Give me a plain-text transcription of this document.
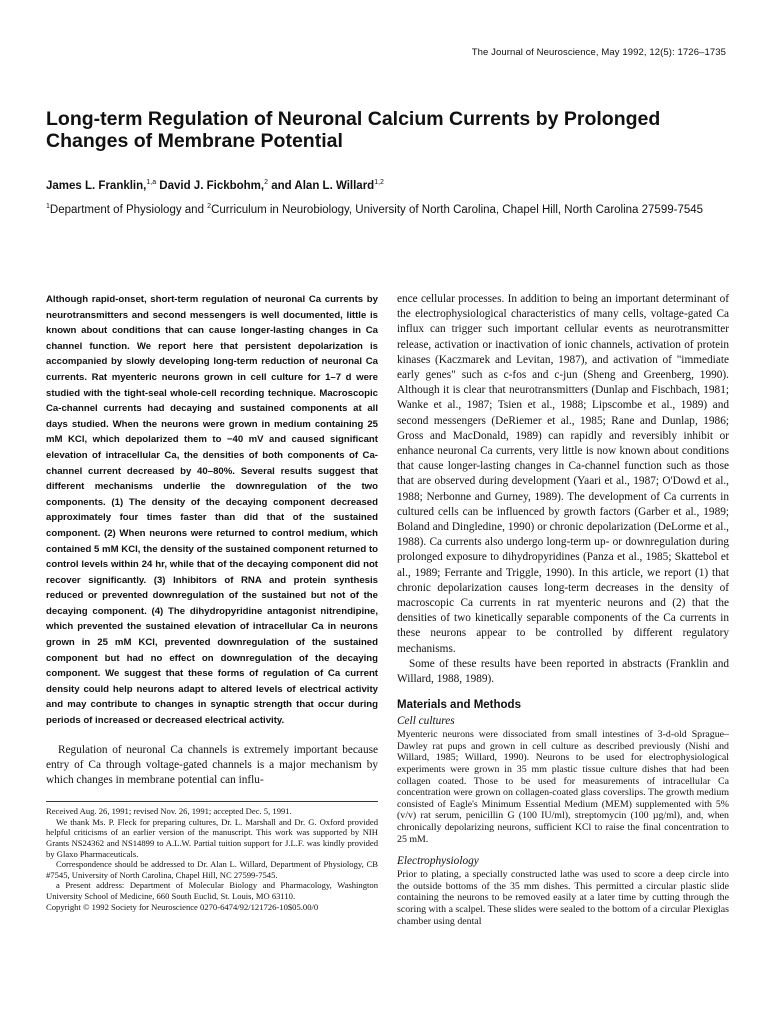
The Journal of Neuroscience, May 1992, 12(5): 1726–1735
Long-term Regulation of Neuronal Calcium Currents by Prolonged Changes of Membrane Potential
James L. Franklin,$^{1,a}$ David J. Fickbohm,$^2$ and Alan L. Willard$^{1,2}$
$^1$Department of Physiology and $^2$Curriculum in Neurobiology, University of North Carolina, Chapel Hill, North Carolina 27599-7545

Although rapid-onset, short-term regulation of neuronal Ca currents by neurotransmitters and second messengers is well documented, little is known about conditions that can cause longer-lasting changes in Ca channel function. We report here that persistent depolarization is accompanied by slowly developing long-term reduction of neuronal Ca currents. Rat myenteric neurons grown in cell culture for 1–7 d were studied with the tight-seal whole-cell recording technique. Macroscopic Ca-channel currents had decaying and sustained components at all days studied. When the neurons were grown in medium containing 25 mM KCl, which depolarized them to −40 mV and caused significant elevation of intracellular Ca, the densities of both components of Ca-channel current decreased by 40–80%. Several results suggest that different mechanisms underlie the downregulation of the two components. (1) The density of the decaying component decreased approximately four times faster than did that of the sustained component. (2) When neurons were returned to control medium, which contained 5 mM KCl, the density of the sustained component returned to control levels within 24 hr, while that of the decaying component did not recover significantly. (3) Inhibitors of RNA and protein synthesis reduced or prevented downregulation of the sustained but not of the decaying component. (4) The dihydropyridine antagonist nitrendipine, which prevented the sustained elevation of intracellular Ca in neurons grown in 25 mM KCl, prevented downregulation of the sustained component but had no effect on downregulation of the decaying component. We suggest that these forms of regulation of Ca current density could help neurons adapt to altered levels of electrical activity and may contribute to changes in synaptic strength that occur during periods of increased or decreased electrical activity.

Regulation of neuronal Ca channels is extremely important because entry of Ca through voltage-gated channels is a major mechanism by which changes in membrane potential can influ-

Received Aug. 26, 1991; revised Nov. 26, 1991; accepted Dec. 5, 1991.

We thank Ms. P. Fleck for preparing cultures, Dr. L. Marshall and Dr. G. Oxford provided helpful criticisms of an earlier version of the manuscript. This work was supported by NIH Grants NS24362 and NS14899 to A.L.W. Partial tuition support for J.L.F. was kindly provided by Glaxo Pharmaceuticals.

Correspondence should be addressed to Dr. Alan L. Willard, Department of Physiology, CB #7545, University of North Carolina, Chapel Hill, NC 27599-7545.

a Present address: Department of Molecular Biology and Pharmacology, Washington University School of Medicine, 660 South Euclid, St. Louis, MO 63110.

Copyright © 1992 Society for Neuroscience 0270-6474/92/121726-10$05.00/0

ence cellular processes. In addition to being an important determinant of the electrophysiological characteristics of many cells, voltage-gated Ca influx can trigger such important cellular events as neurotransmitter release, activation or inactivation of ionic channels, activation of protein kinases (Kaczmarek and Levitan, 1987), and activation of "immediate early genes" such as c-fos and c-jun (Sheng and Greenberg, 1990). Although it is clear that neurotransmitters (Dunlap and Fischbach, 1981; Wanke et al., 1987; Tsien et al., 1988; Lipscombe et al., 1989) and second messengers (DeRiemer et al., 1985; Rane and Dunlap, 1986; Gross and MacDonald, 1989) can rapidly and reversibly inhibit or enhance neuronal Ca currents, very little is now known about conditions that cause longer-lasting changes in Ca-channel function such as those that are observed during development (Yaari et al., 1987; O'Dowd et al., 1988; Nerbonne and Gurney, 1989). The development of Ca currents in cultured cells can be influenced by growth factors (Garber et al., 1989; Boland and Dingledine, 1990) or chronic depolarization (DeLorme et al., 1988). Ca currents also undergo long-term up- or downregulation during prolonged exposure to dihydropyridines (Panza et al., 1985; Skattebol et al., 1989; Ferrante and Triggle, 1990). In this article, we report (1) that chronic depolarization causes long-term decreases in the density of macroscopic Ca currents in rat myenteric neurons and (2) that the densities of two kinetically separable components of the Ca currents in these neurons appear to be controlled by different regulatory mechanisms.

Some of these results have been reported in abstracts (Franklin and Willard, 1988, 1989).

Materials and Methods
Cell cultures

Myenteric neurons were dissociated from small intestines of 3-d-old Sprague–Dawley rat pups and grown in cell culture as described previously (Nishi and Willard, 1985; Willard, 1990). Neurons to be used for electrophysiological experiments were grown in 35 mm plastic tissue culture dishes that had been collagen coated. Those to be used for measurements of intracellular Ca concentration were grown on collagen-coated glass coverslips. The growth medium consisted of Eagle's Minimum Essential Medium (MEM) supplemented with 5% (v/v) rat serum, penicillin G (100 IU/ml), streptomycin (100 µg/ml), and, when chronically depolarizing neurons, sufficient KCl to raise the final concentration to 25 mM.

Electrophysiology

Prior to plating, a specially constructed lathe was used to score a deep circle into the outside bottoms of the 35 mm dishes. This permitted a circular plastic slide containing the neurons to be removed easily at a later time by cutting through the scoring with a scalpel. These slides were sealed to the bottom of a circular Plexiglas chamber using dental
